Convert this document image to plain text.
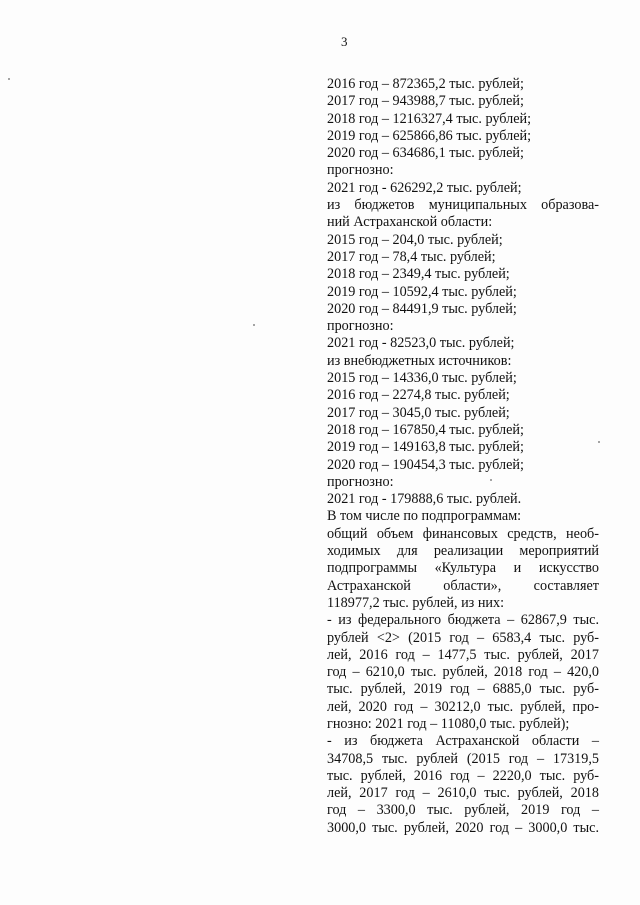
3
2016 год – 872365,2 тыс. рублей;
2017 год – 943988,7 тыс. рублей;
2018 год – 1216327,4 тыс. рублей;
2019 год – 625866,86 тыс. рублей;
2020 год – 634686,1 тыс. рублей;
прогнозно:
2021 год - 626292,2 тыс. рублей;
из бюджетов муниципальных образова-
ний Астраханской области:
2015 год – 204,0 тыс. рублей;
2017 год – 78,4 тыс. рублей;
2018 год – 2349,4 тыс. рублей;
2019 год – 10592,4 тыс. рублей;
2020 год – 84491,9 тыс. рублей;
прогнозно:
2021 год - 82523,0 тыс. рублей;
из внебюджетных источников:
2015 год – 14336,0 тыс. рублей;
2016 год – 2274,8 тыс. рублей;
2017 год – 3045,0 тыс. рублей;
2018 год – 167850,4 тыс. рублей;
2019 год – 149163,8 тыс. рублей;
2020 год – 190454,3 тыс. рублей;
прогнозно:
2021 год - 179888,6 тыс. рублей.
В том числе по подпрограммам:
общий объем финансовых средств, необ-
ходимых для реализации мероприятий
подпрограммы «Культура и искусство
Астраханской области», составляет
118977,2 тыс. рублей, из них:
- из федерального бюджета – 62867,9 тыс.
рублей <2> (2015 год – 6583,4 тыс. руб-
лей, 2016 год – 1477,5 тыс. рублей, 2017
год – 6210,0 тыс. рублей, 2018 год – 420,0
тыс. рублей, 2019 год – 6885,0 тыс. руб-
лей, 2020 год – 30212,0 тыс. рублей, про-
гнозно: 2021 год – 11080,0 тыс. рублей);
- из бюджета Астраханской области –
34708,5 тыс. рублей (2015 год – 17319,5
тыс. рублей, 2016 год – 2220,0 тыс. руб-
лей, 2017 год – 2610,0 тыс. рублей, 2018
год – 3300,0 тыс. рублей, 2019 год –
3000,0 тыс. рублей, 2020 год – 3000,0 тыс.
